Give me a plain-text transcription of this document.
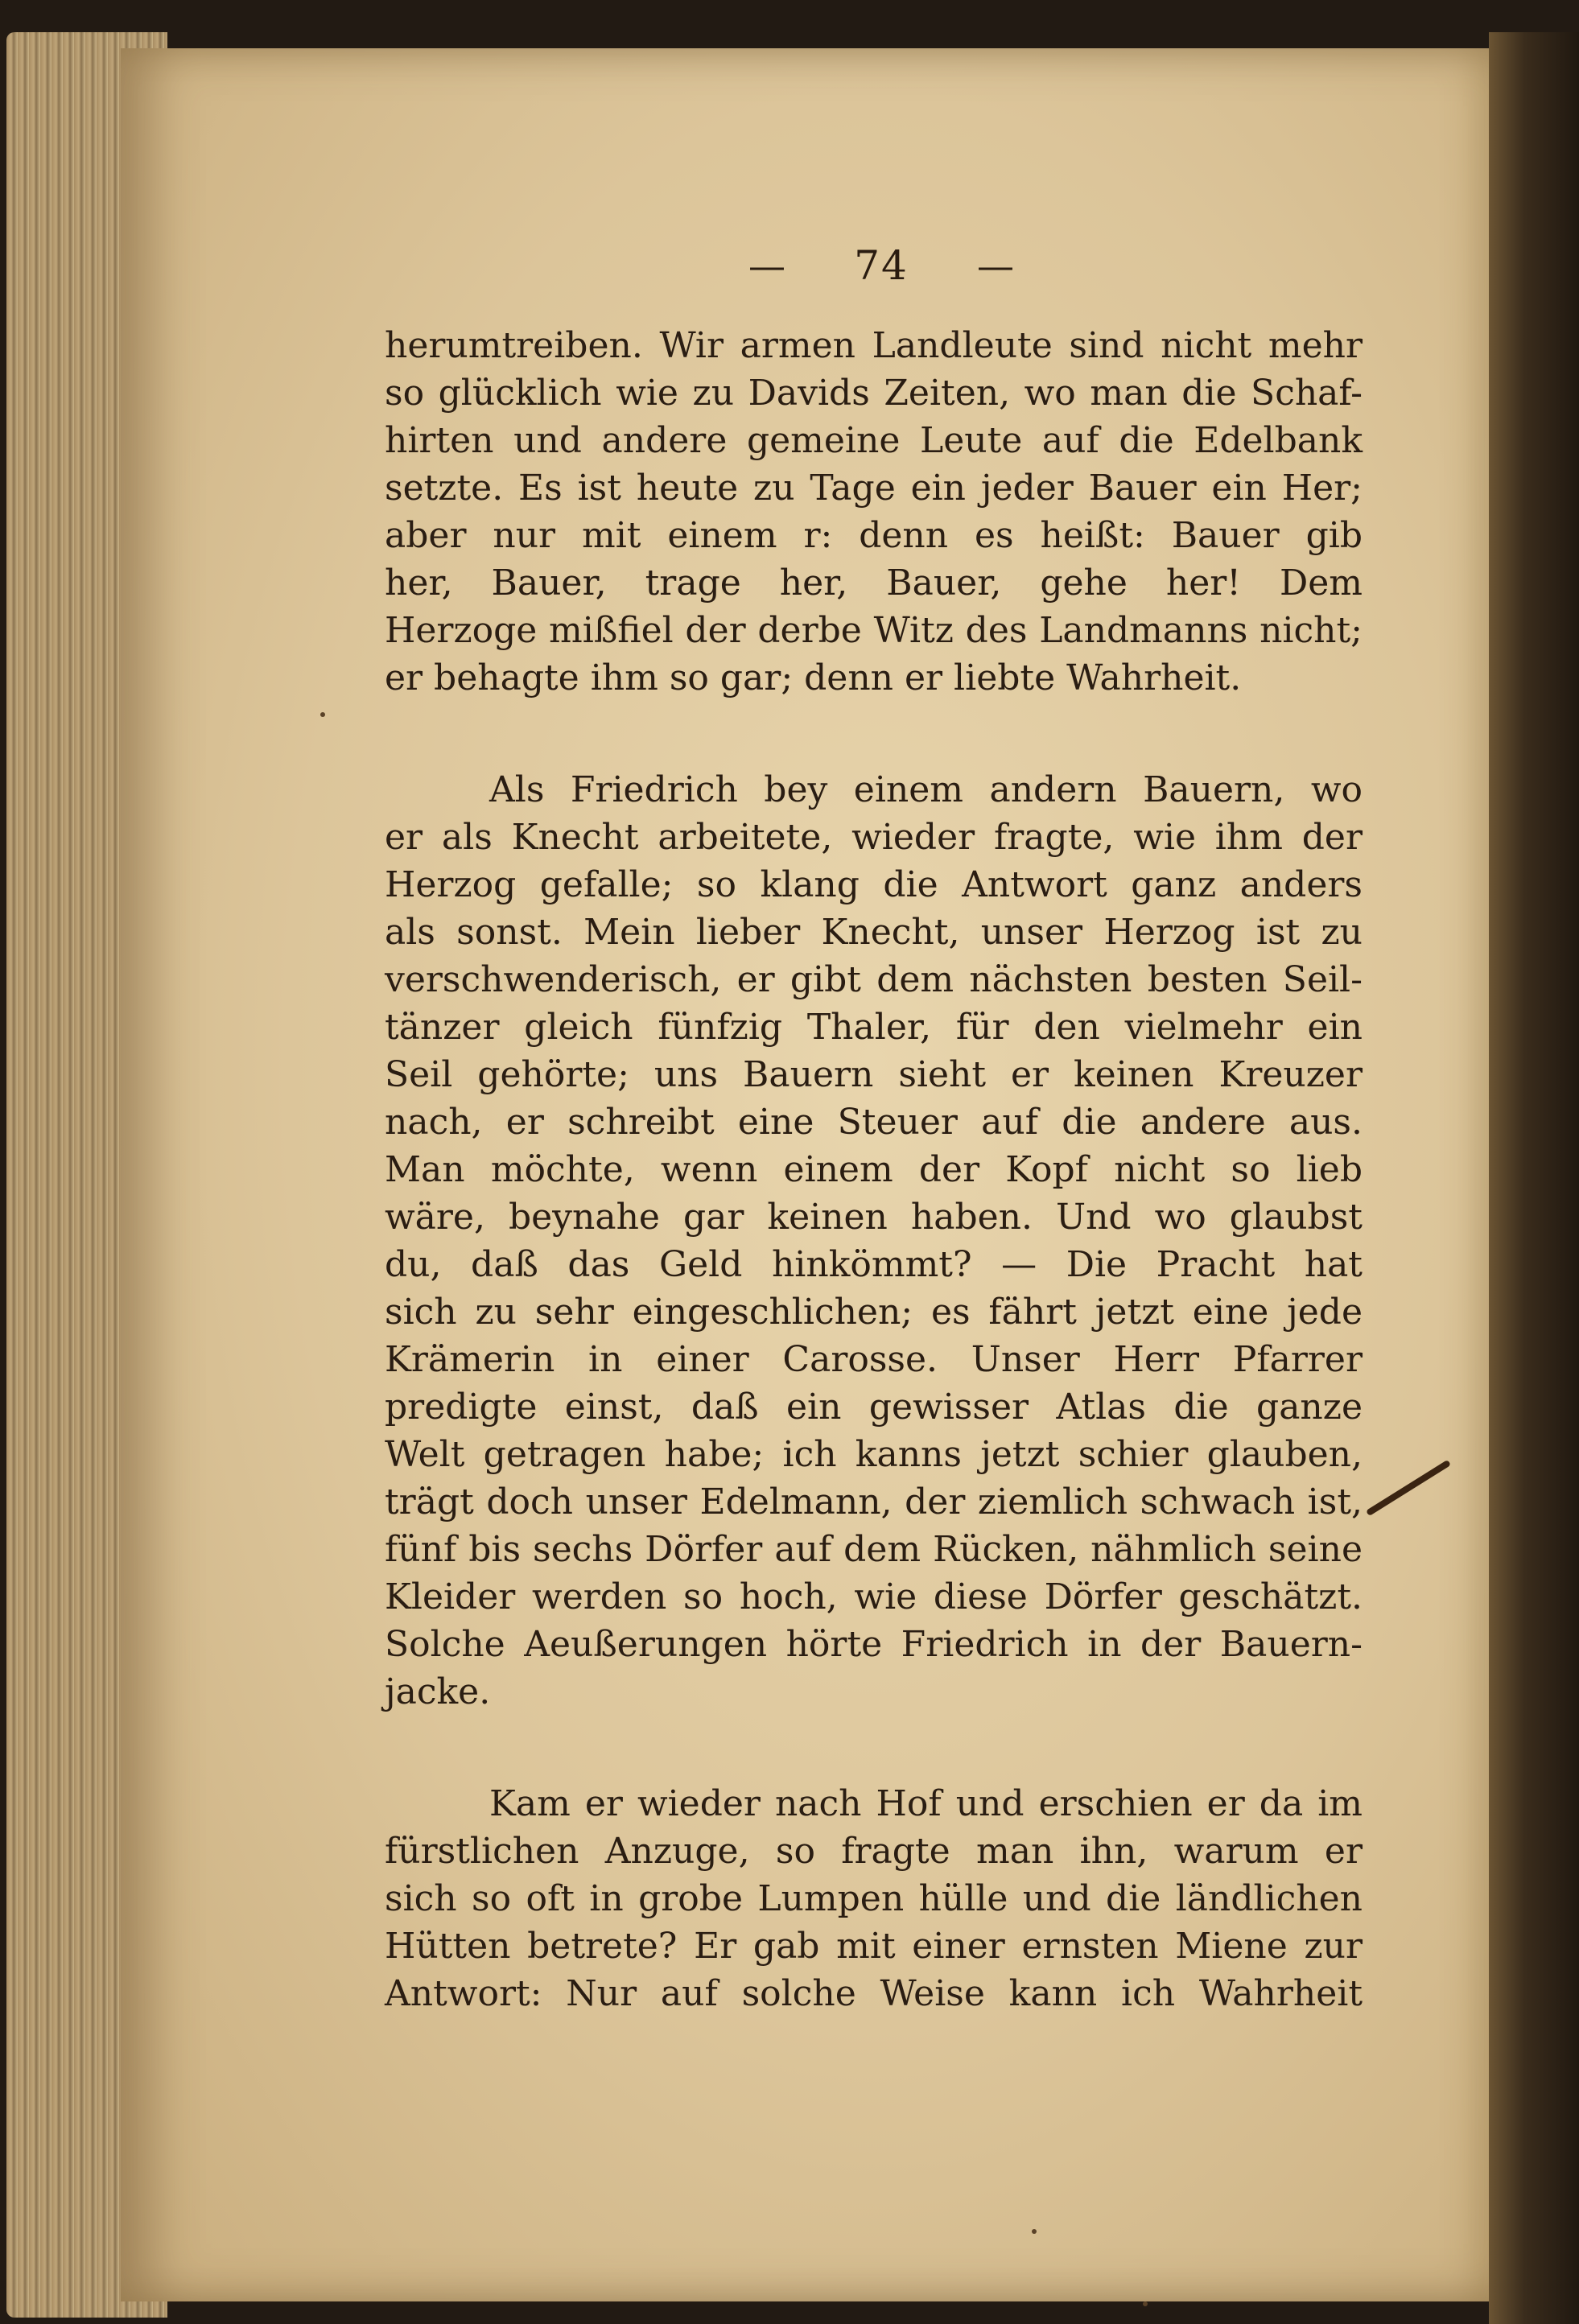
— 74 —
herumtreiben. Wir armen Landleute sind nicht mehr
so glücklich wie zu Davids Zeiten, wo man die Schaf-
hirten und andere gemeine Leute auf die Edelbank
setzte. Es ist heute zu Tage ein jeder Bauer ein Her;
aber nur mit einem r: denn es heißt: Bauer gib
her, Bauer, trage her, Bauer, gehe her! Dem
Herzoge mißfiel der derbe Witz des Landmanns nicht;
er behagte ihm so gar; denn er liebte Wahrheit.
Als Friedrich bey einem andern Bauern, wo
er als Knecht arbeitete, wieder fragte, wie ihm der
Herzog gefalle; so klang die Antwort ganz anders
als sonst. Mein lieber Knecht, unser Herzog ist zu
verschwenderisch, er gibt dem nächsten besten Seil-
tänzer gleich fünfzig Thaler, für den vielmehr ein
Seil gehörte; uns Bauern sieht er keinen Kreuzer
nach, er schreibt eine Steuer auf die andere aus.
Man möchte, wenn einem der Kopf nicht so lieb
wäre, beynahe gar keinen haben. Und wo glaubst
du, daß das Geld hinkömmt? — Die Pracht hat
sich zu sehr eingeschlichen; es fährt jetzt eine jede
Krämerin in einer Carosse. Unser Herr Pfarrer
predigte einst, daß ein gewisser Atlas die ganze
Welt getragen habe; ich kanns jetzt schier glauben,
trägt doch unser Edelmann, der ziemlich schwach ist,
fünf bis sechs Dörfer auf dem Rücken, nähmlich seine
Kleider werden so hoch, wie diese Dörfer geschätzt.
Solche Aeußerungen hörte Friedrich in der Bauern-
jacke.
Kam er wieder nach Hof und erschien er da im
fürstlichen Anzuge, so fragte man ihn, warum er
sich so oft in grobe Lumpen hülle und die ländlichen
Hütten betrete? Er gab mit einer ernsten Miene zur
Antwort: Nur auf solche Weise kann ich Wahrheit
